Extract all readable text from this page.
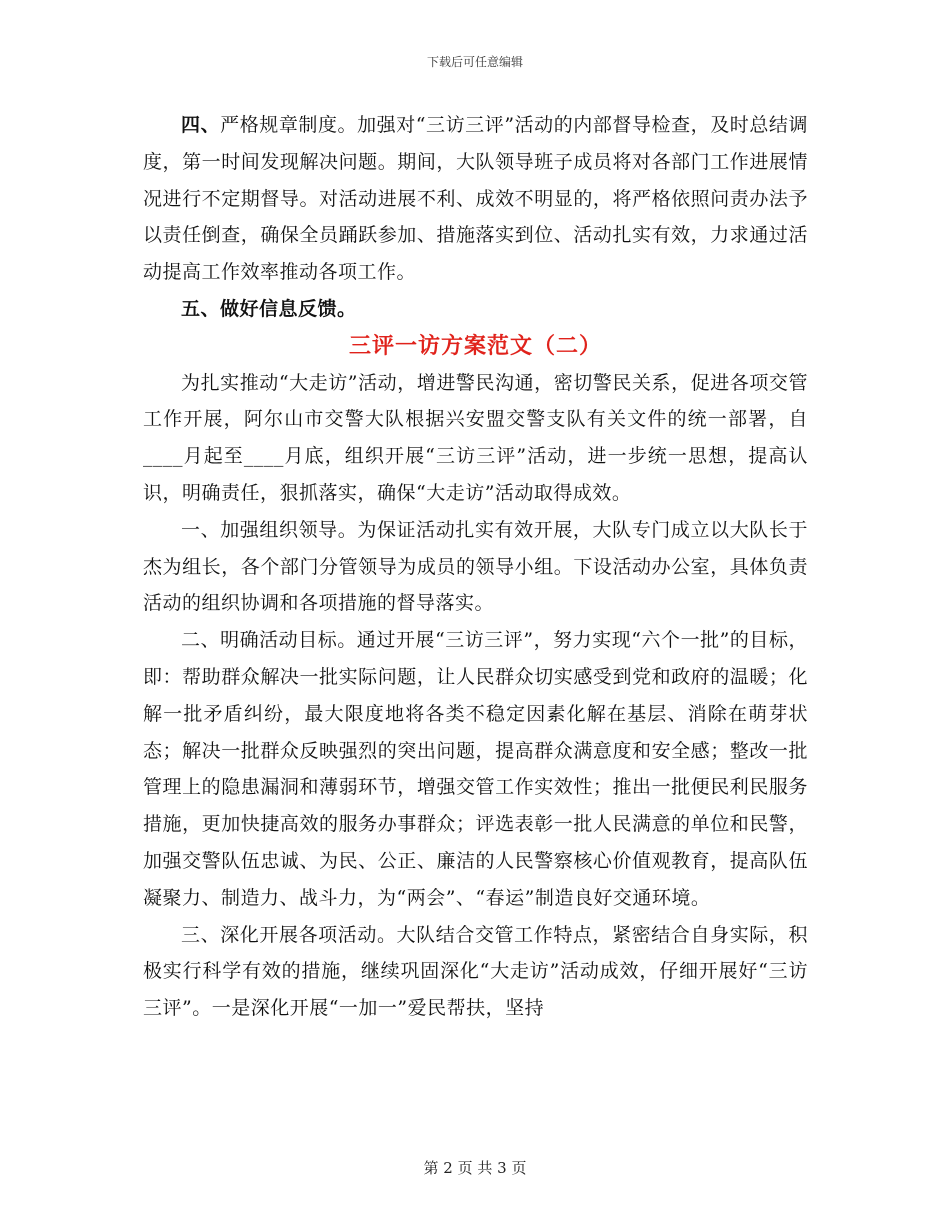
下载后可任意编辑

四、严格规章制度。加强对“三访三评”活动的内部督导检查，及时总结调度，第一时间发现解决问题。期间，大队领导班子成员将对各部门工作进展情况进行不定期督导。对活动进展不利、成效不明显的，将严格依照问责办法予以责任倒查，确保全员踊跃参加、措施落实到位、活动扎实有效，力求通过活动提高工作效率推动各项工作。

五、做好信息反馈。

三评一访方案范文（二）

为扎实推动“大走访”活动，增进警民沟通，密切警民关系，促进各项交管工作开展，阿尔山市交警大队根据兴安盟交警支队有关文件的统一部署，自____月起至____月底，组织开展“三访三评”活动，进一步统一思想，提高认识，明确责任，狠抓落实，确保“大走访”活动取得成效。

一、加强组织领导。为保证活动扎实有效开展，大队专门成立以大队长于杰为组长，各个部门分管领导为成员的领导小组。下设活动办公室，具体负责活动的组织协调和各项措施的督导落实。

二、明确活动目标。通过开展“三访三评”，努力实现“六个一批”的目标，即：帮助群众解决一批实际问题，让人民群众切实感受到党和政府的温暖；化解一批矛盾纠纷，最大限度地将各类不稳定因素化解在基层、消除在萌芽状态；解决一批群众反映强烈的突出问题，提高群众满意度和安全感；整改一批管理上的隐患漏洞和薄弱环节，增强交管工作实效性；推出一批便民利民服务措施，更加快捷高效的服务办事群众；评选表彰一批人民满意的单位和民警，加强交警队伍忠诚、为民、公正、廉洁的人民警察核心价值观教育，提高队伍凝聚力、制造力、战斗力，为“两会”、“春运”制造良好交通环境。

三、深化开展各项活动。大队结合交管工作特点，紧密结合自身实际，积极实行科学有效的措施，继续巩固深化“大走访”活动成效，仔细开展好“三访三评”。一是深化开展“一加一”爱民帮扶，坚持

第 2 页 共 3 页
